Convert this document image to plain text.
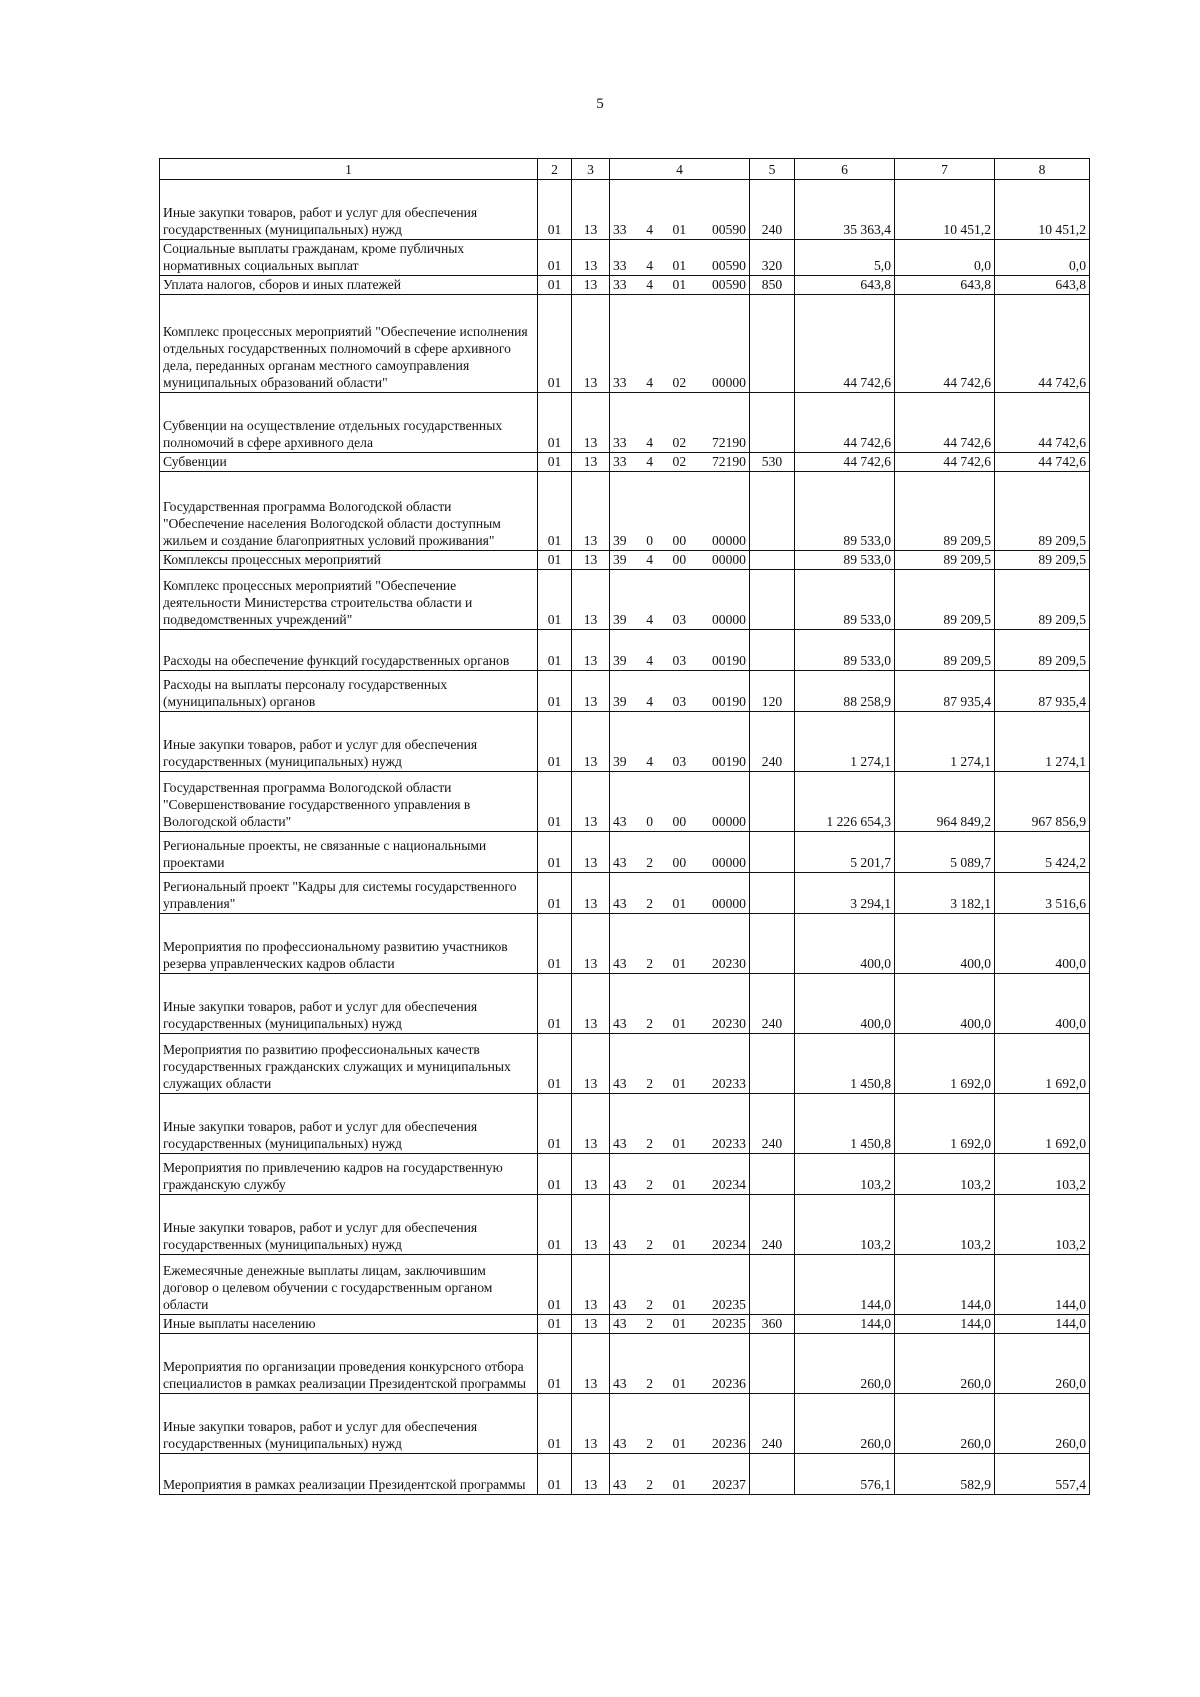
5
1	2	3	4	5	6	7	8
Иные закупки товаров, работ и услуг для обеспечения государственных (муниципальных) нужд	01	13	33 4 01 00590	240	35 363,4	10 451,2	10 451,2
Социальные выплаты гражданам, кроме публичных нормативных социальных выплат	01	13	33 4 01 00590	320	5,0	0,0	0,0
Уплата налогов, сборов и иных платежей	01	13	33 4 01 00590	850	643,8	643,8	643,8
Комплекс процессных мероприятий "Обеспечение исполнения отдельных государственных полномочий в сфере архивного дела, переданных органам местного самоуправления муниципальных образований области"	01	13	33 4 02 00000		44 742,6	44 742,6	44 742,6
Субвенции на осуществление отдельных государственных полномочий в сфере архивного дела	01	13	33 4 02 72190		44 742,6	44 742,6	44 742,6
Субвенции	01	13	33 4 02 72190	530	44 742,6	44 742,6	44 742,6
Государственная программа Вологодской области "Обеспечение населения Вологодской области доступным жильем и создание благоприятных условий проживания"	01	13	39 0 00 00000		89 533,0	89 209,5	89 209,5
Комплексы процессных мероприятий	01	13	39 4 00 00000		89 533,0	89 209,5	89 209,5
Комплекс процессных мероприятий "Обеспечение деятельности Министерства строительства области и подведомственных учреждений"	01	13	39 4 03 00000		89 533,0	89 209,5	89 209,5
Расходы на обеспечение функций государственных органов	01	13	39 4 03 00190		89 533,0	89 209,5	89 209,5
Расходы на выплаты персоналу государственных (муниципальных) органов	01	13	39 4 03 00190	120	88 258,9	87 935,4	87 935,4
Иные закупки товаров, работ и услуг для обеспечения государственных (муниципальных) нужд	01	13	39 4 03 00190	240	1 274,1	1 274,1	1 274,1
Государственная программа Вологодской области "Совершенствование государственного управления в Вологодской области"	01	13	43 0 00 00000		1 226 654,3	964 849,2	967 856,9
Региональные проекты, не связанные с национальными проектами	01	13	43 2 00 00000		5 201,7	5 089,7	5 424,2
Региональный проект "Кадры для системы государственного управления"	01	13	43 2 01 00000		3 294,1	3 182,1	3 516,6
Мероприятия по профессиональному развитию участников резерва управленческих кадров области	01	13	43 2 01 20230		400,0	400,0	400,0
Иные закупки товаров, работ и услуг для обеспечения государственных (муниципальных) нужд	01	13	43 2 01 20230	240	400,0	400,0	400,0
Мероприятия по развитию профессиональных качеств государственных гражданских служащих и муниципальных служащих области	01	13	43 2 01 20233		1 450,8	1 692,0	1 692,0
Иные закупки товаров, работ и услуг для обеспечения государственных (муниципальных) нужд	01	13	43 2 01 20233	240	1 450,8	1 692,0	1 692,0
Мероприятия по привлечению кадров на государственную гражданскую службу	01	13	43 2 01 20234		103,2	103,2	103,2
Иные закупки товаров, работ и услуг для обеспечения государственных (муниципальных) нужд	01	13	43 2 01 20234	240	103,2	103,2	103,2
Ежемесячные денежные выплаты лицам, заключившим договор о целевом обучении с государственным органом области	01	13	43 2 01 20235		144,0	144,0	144,0
Иные выплаты населению	01	13	43 2 01 20235	360	144,0	144,0	144,0
Мероприятия по организации проведения конкурсного отбора специалистов в рамках реализации Президентской программы	01	13	43 2 01 20236		260,0	260,0	260,0
Иные закупки товаров, работ и услуг для обеспечения государственных (муниципальных) нужд	01	13	43 2 01 20236	240	260,0	260,0	260,0
Мероприятия в рамках реализации Президентской программы	01	13	43 2 01 20237		576,1	582,9	557,4
